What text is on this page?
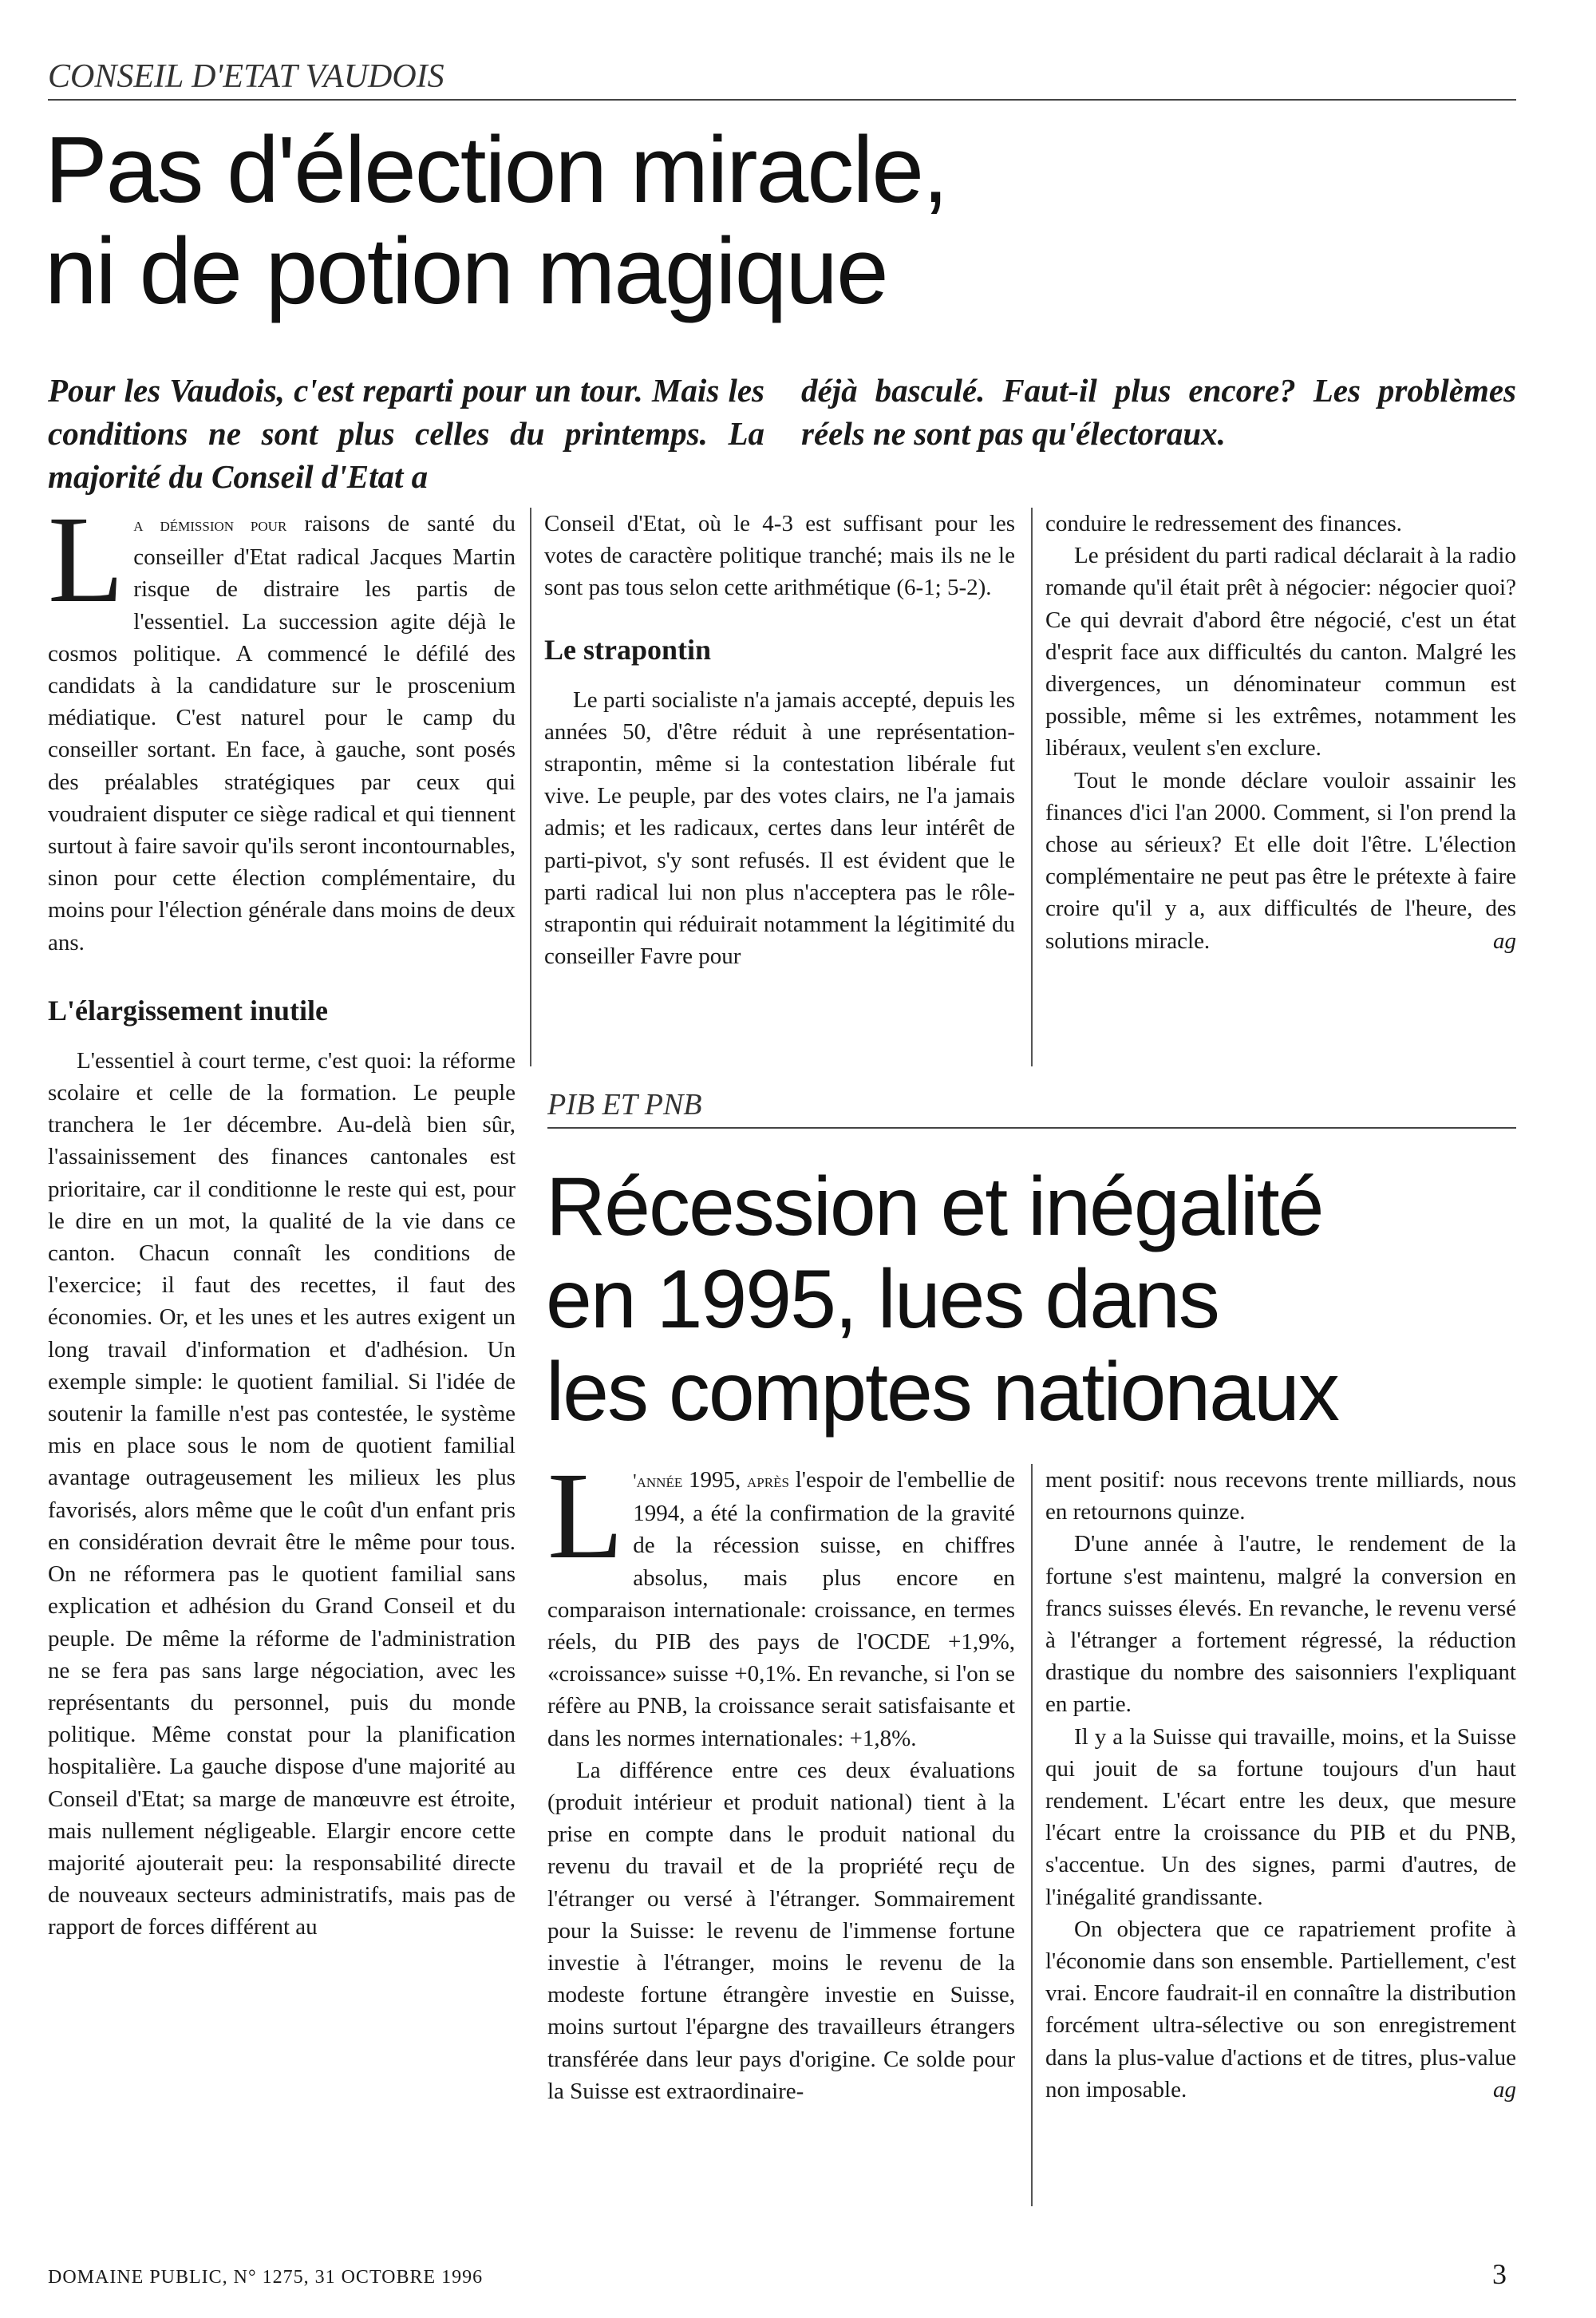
CONSEIL D'ETAT VAUDOIS
Pas d'élection miracle,
ni de potion magique
Pour les Vaudois, c'est reparti pour un tour. Mais les conditions ne sont plus celles du printemps. La majorité du Conseil d'Etat a
déjà basculé. Faut-il plus encore? Les problèmes réels ne sont pas qu'électoraux.

La démission pour raisons de santé du conseiller d'Etat radical Jacques Martin risque de distraire les partis de l'essentiel. La succession agite déjà le cosmos politique. A commencé le défilé des candidats à la candidature sur le proscenium médiatique. C'est naturel pour le camp du conseiller sortant. En face, à gauche, sont posés des préalables stratégiques par ceux qui voudraient disputer ce siège radical et qui tiennent surtout à faire savoir qu'ils seront incontournables, sinon pour cette élection complémentaire, du moins pour l'élection générale dans moins de deux ans.

L'élargissement inutile

L'essentiel à court terme, c'est quoi: la réforme scolaire et celle de la formation. Le peuple tranchera le 1er décembre. Au-delà bien sûr, l'assainissement des finances cantonales est prioritaire, car il conditionne le reste qui est, pour le dire en un mot, la qualité de la vie dans ce canton. Chacun connaît les conditions de l'exercice; il faut des recettes, il faut des économies. Or, et les unes et les autres exigent un long travail d'information et d'adhésion. Un exemple simple: le quotient familial. Si l'idée de soutenir la famille n'est pas contestée, le système mis en place sous le nom de quotient familial avantage outrageusement les milieux les plus favorisés, alors même que le coût d'un enfant pris en considération devrait être le même pour tous. On ne réformera pas le quotient familial sans explication et adhésion du Grand Conseil et du peuple. De même la réforme de l'administration ne se fera pas sans large négociation, avec les représentants du personnel, puis du monde politique. Même constat pour la planification hospitalière. La gauche dispose d'une majorité au Conseil d'Etat; sa marge de manœuvre est étroite, mais nullement négligeable. Elargir encore cette majorité ajouterait peu: la responsabilité directe de nouveaux secteurs administratifs, mais pas de rapport de forces différent au

Conseil d'Etat, où le 4-3 est suffisant pour les votes de caractère politique tranché; mais ils ne le sont pas tous selon cette arithmétique (6-1; 5-2).

Le strapontin

Le parti socialiste n'a jamais accepté, depuis les années 50, d'être réduit à une représentation-strapontin, même si la contestation libérale fut vive. Le peuple, par des votes clairs, ne l'a jamais admis; et les radicaux, certes dans leur intérêt de parti-pivot, s'y sont refusés. Il est évident que le parti radical lui non plus n'acceptera pas le rôle-strapontin qui réduirait notamment la légitimité du conseiller Favre pour

conduire le redressement des finances.

Le président du parti radical déclarait à la radio romande qu'il était prêt à négocier: négocier quoi? Ce qui devrait d'abord être négocié, c'est un état d'esprit face aux difficultés du canton. Malgré les divergences, un dénominateur commun est possible, même si les extrêmes, notamment les libéraux, veulent s'en exclure.

Tout le monde déclare vouloir assainir les finances d'ici l'an 2000. Comment, si l'on prend la chose au sérieux? Et elle doit l'être. L'élection complémentaire ne peut pas être le prétexte à faire croire qu'il y a, aux difficultés de l'heure, des solutions miracle.	ag

PIB ET PNB
Récession et inégalité
en 1995, lues dans
les comptes nationaux

L 'année 1995, après l'espoir de l'embellie de 1994, a été la confirmation de la gravité de la récession suisse, en chiffres absolus, mais plus encore en comparaison internationale: croissance, en termes réels, du PIB des pays de l'OCDE +1,9%, «croissance» suisse +0,1%. En revanche, si l'on se réfère au PNB, la croissance serait satisfaisante et dans les normes internationales: +1,8%.

La différence entre ces deux évaluations (produit intérieur et produit national) tient à la prise en compte dans le produit national du revenu du travail et de la propriété reçu de l'étranger ou versé à l'étranger. Sommairement pour la Suisse: le revenu de l'immense fortune investie à l'étranger, moins le revenu de la modeste fortune étrangère investie en Suisse, moins surtout l'épargne des travailleurs étrangers transférée dans leur pays d'origine. Ce solde pour la Suisse est extraordinaire-

ment positif: nous recevons trente milliards, nous en retournons quinze.

D'une année à l'autre, le rendement de la fortune s'est maintenu, malgré la conversion en francs suisses élevés. En revanche, le revenu versé à l'étranger a fortement régressé, la réduction drastique du nombre des saisonniers l'expliquant en partie.

Il y a la Suisse qui travaille, moins, et la Suisse qui jouit de sa fortune toujours d'un haut rendement. L'écart entre les deux, que mesure l'écart entre la croissance du PIB et du PNB, s'accentue. Un des signes, parmi d'autres, de l'inégalité grandissante.

On objectera que ce rapatriement profite à l'économie dans son ensemble. Partiellement, c'est vrai. Encore faudrait-il en connaître la distribution forcément ultra-sélective ou son enregistrement dans la plus-value d'actions et de titres, plus-value non imposable.	ag

DOMAINE PUBLIC, N° 1275, 31 OCTOBRE 1996	3
